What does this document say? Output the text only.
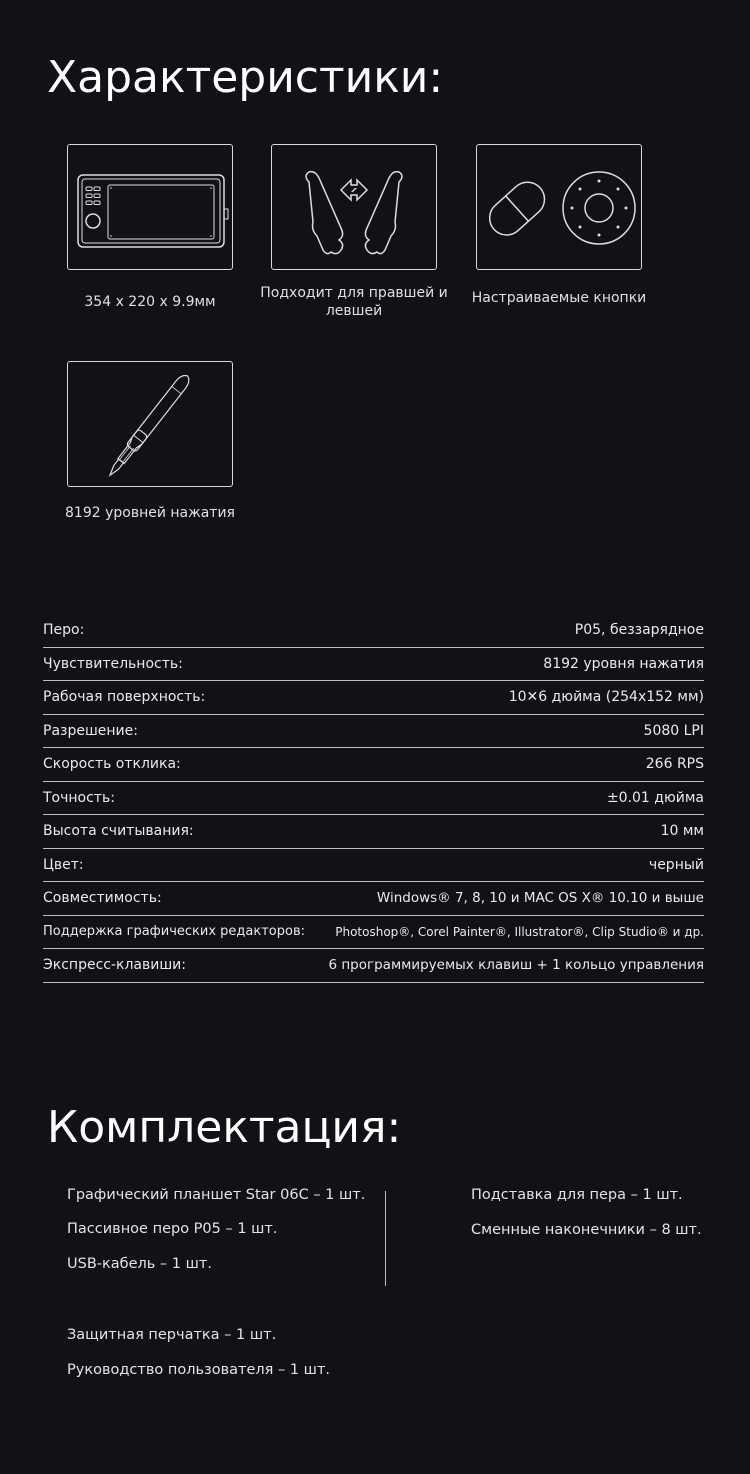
Характеристики:
354 x 220 x 9.9мм
Подходит для правшей и левшей
Настраиваемые кнопки
8192 уровней нажатия
Перо:	P05, беззарядное
Чувствительность:	8192 уровня нажатия
Рабочая поверхность:	10✕6 дюйма (254x152 мм)
Разрешение:	5080 LPI
Скорость отклика:	266 RPS
Точность:	±0.01 дюйма
Высота считывания:	10 мм
Цвет:	черный
Совместимость:	Windows® 7, 8, 10 и MAC OS X® 10.10 и выше
Поддержка графических редакторов:	Photoshop®, Corel Painter®, Illustrator®, Clip Studio® и др.
Экспресс-клавиши:	6 программируемых клавиш + 1 кольцо управления
Комплектация:
Графический планшет Star 06C – 1 шт.
Пассивное перо P05 – 1 шт.
USB-кабель – 1 шт.
Подставка для пера – 1 шт.
Сменные наконечники – 8 шт.
Защитная перчатка – 1 шт.
Руководство пользователя – 1 шт.
